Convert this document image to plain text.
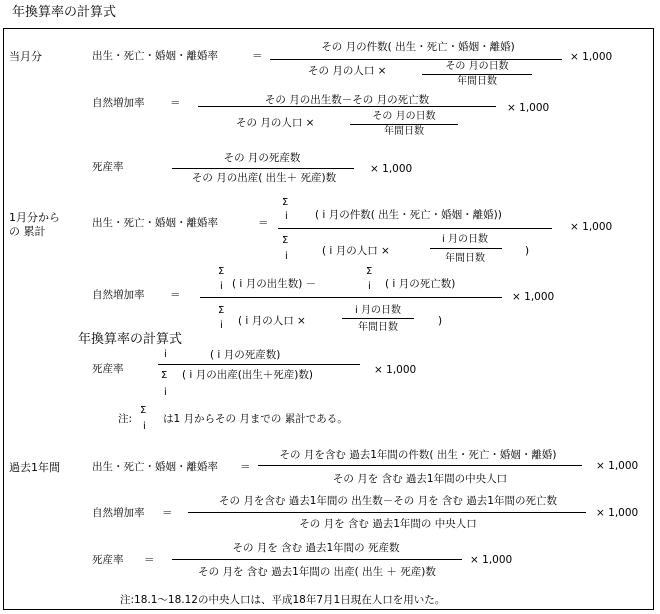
年換算率の計算式
当月分	出生・死亡・婚姻・離婚率	＝
その 月の件数( 出生・死亡・婚姻・離婚)
その 月の人口 ×	その 月の日数
年間日数
× 1,000
自然増加率 ＝	その 月の出生数－その 月の死亡数
その 月の人口 ×
その 月の日数
年間日数
× 1,000
死産率
その 月の死産数
その 月の出産( 出生＋ 死産)数
× 1,000
1月分から
の 累計
出生・死亡・婚姻・離婚率	＝
Σ
i	( i 月の件数( 出生・死亡・婚姻・離婚))
Σ
i	( i 月の人口 ×
i 月の日数
年間日数
)
× 1,000
自然増加率 ＝
Σ
i ( i 月の出生数) －
Σ
i ( i 月の死亡数)
Σ
i ( i 月の人口 ×
i 月の日数
年間日数
)
× 1,000
年換算率の計算式
死産率
i	( i 月の死産数)
Σ
i
( i 月の出産(出生＋死産)数)	× 1,000
注:
Σ
i
は1 月からその 月までの 累計である。
過去1年間	出生・死亡・婚姻・離婚率 ＝
その 月を含む 過去1年間の件数( 出生・死亡・婚姻・離婚)
その 月を 含む 過去1年間の中央人口
× 1,000
自然増加率 ＝
その 月を含む 過去1年間の 出生数－その 月を 含む 過去1年間の死亡数
その 月を 含む 過去1年間の 中央人口
× 1,000
死産率 ＝
その 月を 含む 過去1年間の 死産数
その 月を 含む 過去1年間の 出産( 出生 ＋ 死産)数
× 1,000
注:18.1～18.12の中央人口は、平成18年7月1日現在人口を用いた。
